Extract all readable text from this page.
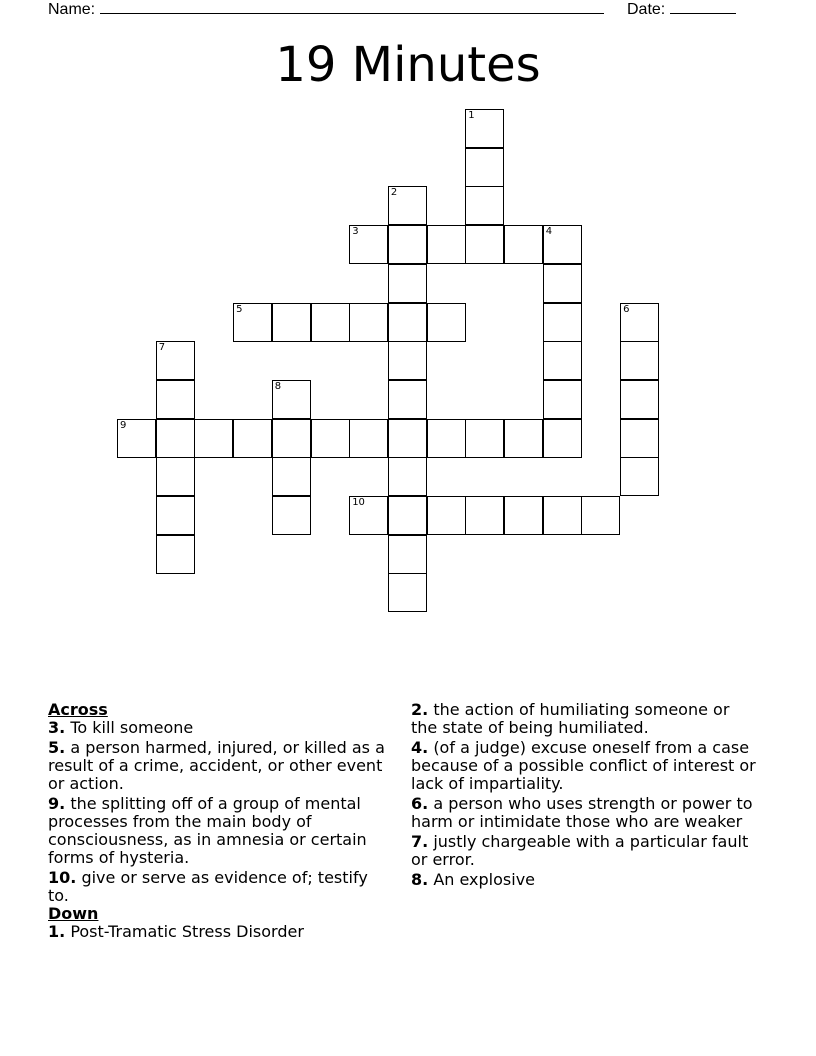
Name:	Date:
19 Minutes
1
2
3	4
5	6
7
8
9
10
Across
3. To kill someone
5. a person harmed, injured, or killed as a result of a crime, accident, or other event or action.
9. the splitting off of a group of mental processes from the main body of consciousness, as in amnesia or certain forms of hysteria.
10. give or serve as evidence of; testify to.
Down
1. Post-Tramatic Stress Disorder
2. the action of humiliating someone or the state of being humiliated.
4. (of a judge) excuse oneself from a case because of a possible conflict of interest or lack of impartiality.
6. a person who uses strength or power to harm or intimidate those who are weaker
7. justly chargeable with a particular fault or error.
8. An explosive
